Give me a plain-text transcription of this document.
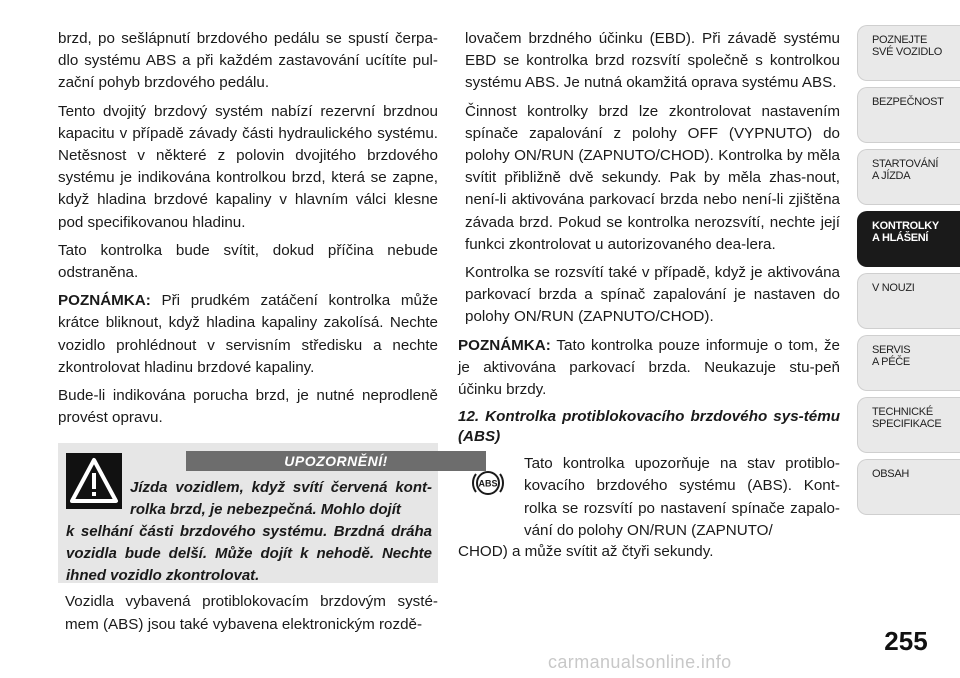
brzd, po sešlápnutí brzdového pedálu se spustí čerpa-dlo systému ABS a při každém zastavování ucítíte pul-zační pohyb brzdového pedálu.

Tento dvojitý brzdový systém nabízí rezervní brzdnou kapacitu v případě závady části hydraulického systému. Netěsnost v některé z polovin dvojitého brzdového systému je indikována kontrolkou brzd, která se zapne, když hladina brzdové kapaliny v hlavním válci klesne pod specifikovanou hladinu.

Tato kontrolka bude svítit, dokud příčina nebude odstraněna.

POZNÁMKA: Při prudkém zatáčení kontrolka může krátce bliknout, když hladina kapaliny zakolísá. Nechte vozidlo prohlédnout v servisním středisku a nechte zkontrolovat hladinu brzdové kapaliny.

Bude-li indikována porucha brzd, je nutné neprodleně provést opravu.

UPOZORNĚNÍ!
Jízda vozidlem, když svítí červená kont-rolka brzd, je nebezpečná. Mohlo dojít
k selhání části brzdového systému. Brzdná dráha vozidla bude delší. Může dojít k nehodě. Nechte ihned vozidlo zkontrolovat.

Vozidla vybavená protiblokovacím brzdovým systé-mem (ABS) jsou také vybavena elektronickým rozdě-

lovačem brzdného účinku (EBD). Při závadě systému EBD se kontrolka brzd rozsvítí společně s kontrolkou systému ABS. Je nutná okamžitá oprava systému ABS.

Činnost kontrolky brzd lze zkontrolovat nastavením spínače zapalování z polohy OFF (VYPNUTO) do polohy ON/RUN (ZAPNUTO/CHOD). Kontrolka by měla svítit přibližně dvě sekundy. Pak by měla zhas-nout, není-li aktivována parkovací brzda nebo není-li zjištěna závada brzd. Pokud se kontrolka nerozsvítí, nechte její funkci zkontrolovat u autorizovaného dea-lera.

Kontrolka se rozsvítí také v případě, když je aktivována parkovací brzda a spínač zapalování je nastaven do polohy ON/RUN (ZAPNUTO/CHOD).

POZNÁMKA: Tato kontrolka pouze informuje o tom, že je aktivována parkovací brzda. Neukazuje stu-peň účinku brzdy.

12. Kontrolka protiblokovacího brzdového sys-tému (ABS)

ABS
Tato kontrolka upozorňuje na stav protiblo-kovacího brzdového systému (ABS). Kont-rolka se rozsvítí po nastavení spínače zapalo-vání do polohy ON/RUN (ZAPNUTO/
CHOD) a může svítit až čtyři sekundy.
POZNEJTE
SVÉ VOZIDLO
BEZPEČNOST
STARTOVÁNÍ
A JÍZDA
KONTROLKY
A HLÁŠENÍ
V NOUZI
SERVIS
A PÉČE
TECHNICKÉ
SPECIFIKACE
OBSAH
255
carmanualsonline.info
